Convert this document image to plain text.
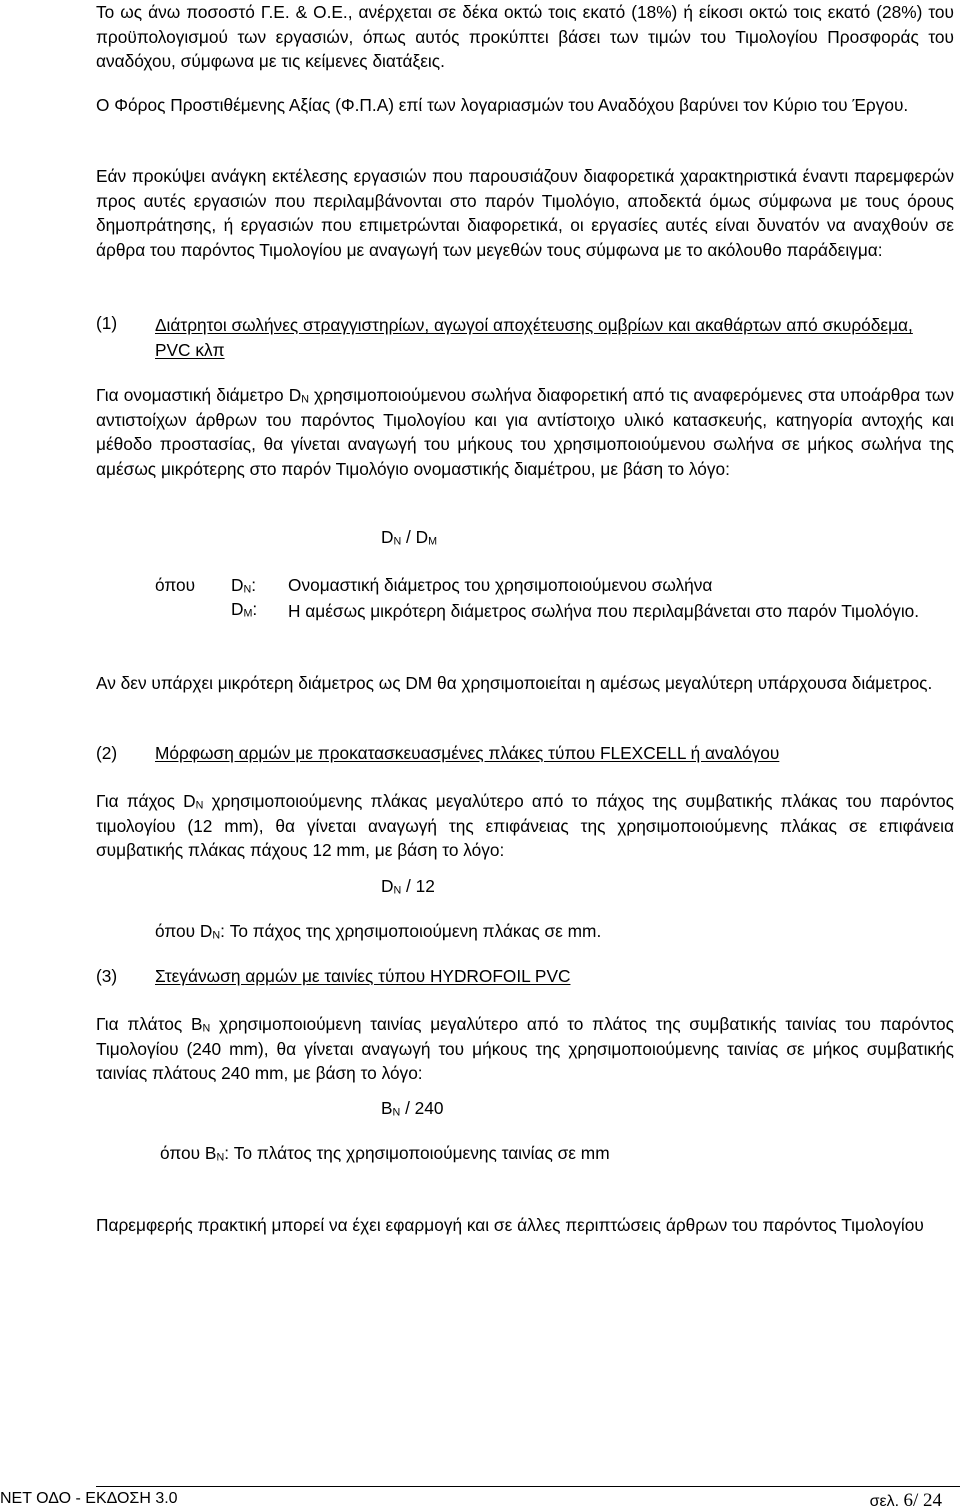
Το ως άνω ποσοστό Γ.Ε. & Ο.Ε., ανέρχεται σε δέκα οκτώ τοις εκατό (18%) ή είκοσι οκτώ τοις εκατό (28%) του προϋπολογισμού των εργασιών, όπως αυτός προκύπτει βάσει των τιμών του Τιμολογίου Προσφοράς του αναδόχου, σύμφωνα με τις κείμενες διατάξεις.
Ο Φόρος Προστιθέμενης Αξίας (Φ.Π.Α) επί των λογαριασμών του Αναδόχου βαρύνει τον Κύριο του Έργου.
Εάν προκύψει ανάγκη εκτέλεσης εργασιών που παρουσιάζουν διαφορετικά χαρακτηριστικά έναντι παρεμφερών προς αυτές εργασιών που περιλαμβάνονται στο παρόν Τιμολόγιο, αποδεκτά όμως σύμφωνα με τους όρους δημοπράτησης, ή εργασιών που επιμετρώνται διαφορετικά, οι εργασίες αυτές είναι δυνατόν να αναχθούν σε άρθρα του παρόντος Τιμολογίου με αναγωγή των μεγεθών τους σύμφωνα με το ακόλουθο παράδειγμα:
(1) Διάτρητοι σωλήνες στραγγιστηρίων, αγωγοί αποχέτευσης ομβρίων και ακαθάρτων από σκυρόδεμα, PVC κλπ
Για ονομαστική διάμετρο $D_N$ χρησιμοποιούμενου σωλήνα διαφορετική από τις αναφερόμενες στα υποάρθρα των αντιστοίχων άρθρων του παρόντος Τιμολογίου και για αντίστοιχο υλικό κατασκευής, κατηγορία αντοχής και μέθοδο προστασίας, θα γίνεται αναγωγή του μήκους του χρησιμοποιούμενου σωλήνα σε μήκος σωλήνα της αμέσως μικρότερης στο παρόν Τιμολόγιο ονομαστικής διαμέτρου, με βάση το λόγο:
$D_N / D_M$
όπου $D_N$: Ονομαστική διάμετρος του χρησιμοποιούμενου σωλήνα
$D_M$: Η αμέσως μικρότερη διάμετρος σωλήνα που περιλαμβάνεται στο παρόν Τιμολόγιο.
Αν δεν υπάρχει μικρότερη διάμετρος ως DM θα χρησιμοποιείται η αμέσως μεγαλύτερη υπάρχουσα διάμετρος.
(2) Μόρφωση αρμών με προκατασκευασμένες πλάκες τύπου FLEXCELL ή αναλόγου
Για πάχος $D_N$ χρησιμοποιούμενης πλάκας μεγαλύτερο από το πάχος της συμβατικής πλάκας του παρόντος τιμολογίου (12 mm), θα γίνεται αναγωγή της επιφάνειας της χρησιμοποιούμενης πλάκας σε επιφάνεια συμβατικής πλάκας πάχους 12 mm, με βάση το λόγο:
$D_N / 12$
όπου $D_N$: Το πάχος της χρησιμοποιούμενη πλάκας σε mm.
(3) Στεγάνωση αρμών με ταινίες τύπου HYDROFOIL PVC
Για πλάτος $B_N$ χρησιμοποιούμενη ταινίας μεγαλύτερο από το πλάτος της συμβατικής ταινίας του παρόντος Τιμολογίου (240 mm), θα γίνεται αναγωγή του μήκους της χρησιμοποιούμενης ταινίας σε μήκος συμβατικής ταινίας πλάτους 240 mm, με βάση το λόγο:
$B_N / 240$
όπου $B_N$: Το πλάτος της χρησιμοποιούμενης ταινίας σε mm
Παρεμφερής πρακτική μπορεί να έχει εφαρμογή και σε άλλες περιπτώσεις άρθρων του παρόντος Τιμολογίου
ΝΕΤ ΟΔΟ - ΕΚΔΟΣΗ 3.0	σελ. 6/ 24
